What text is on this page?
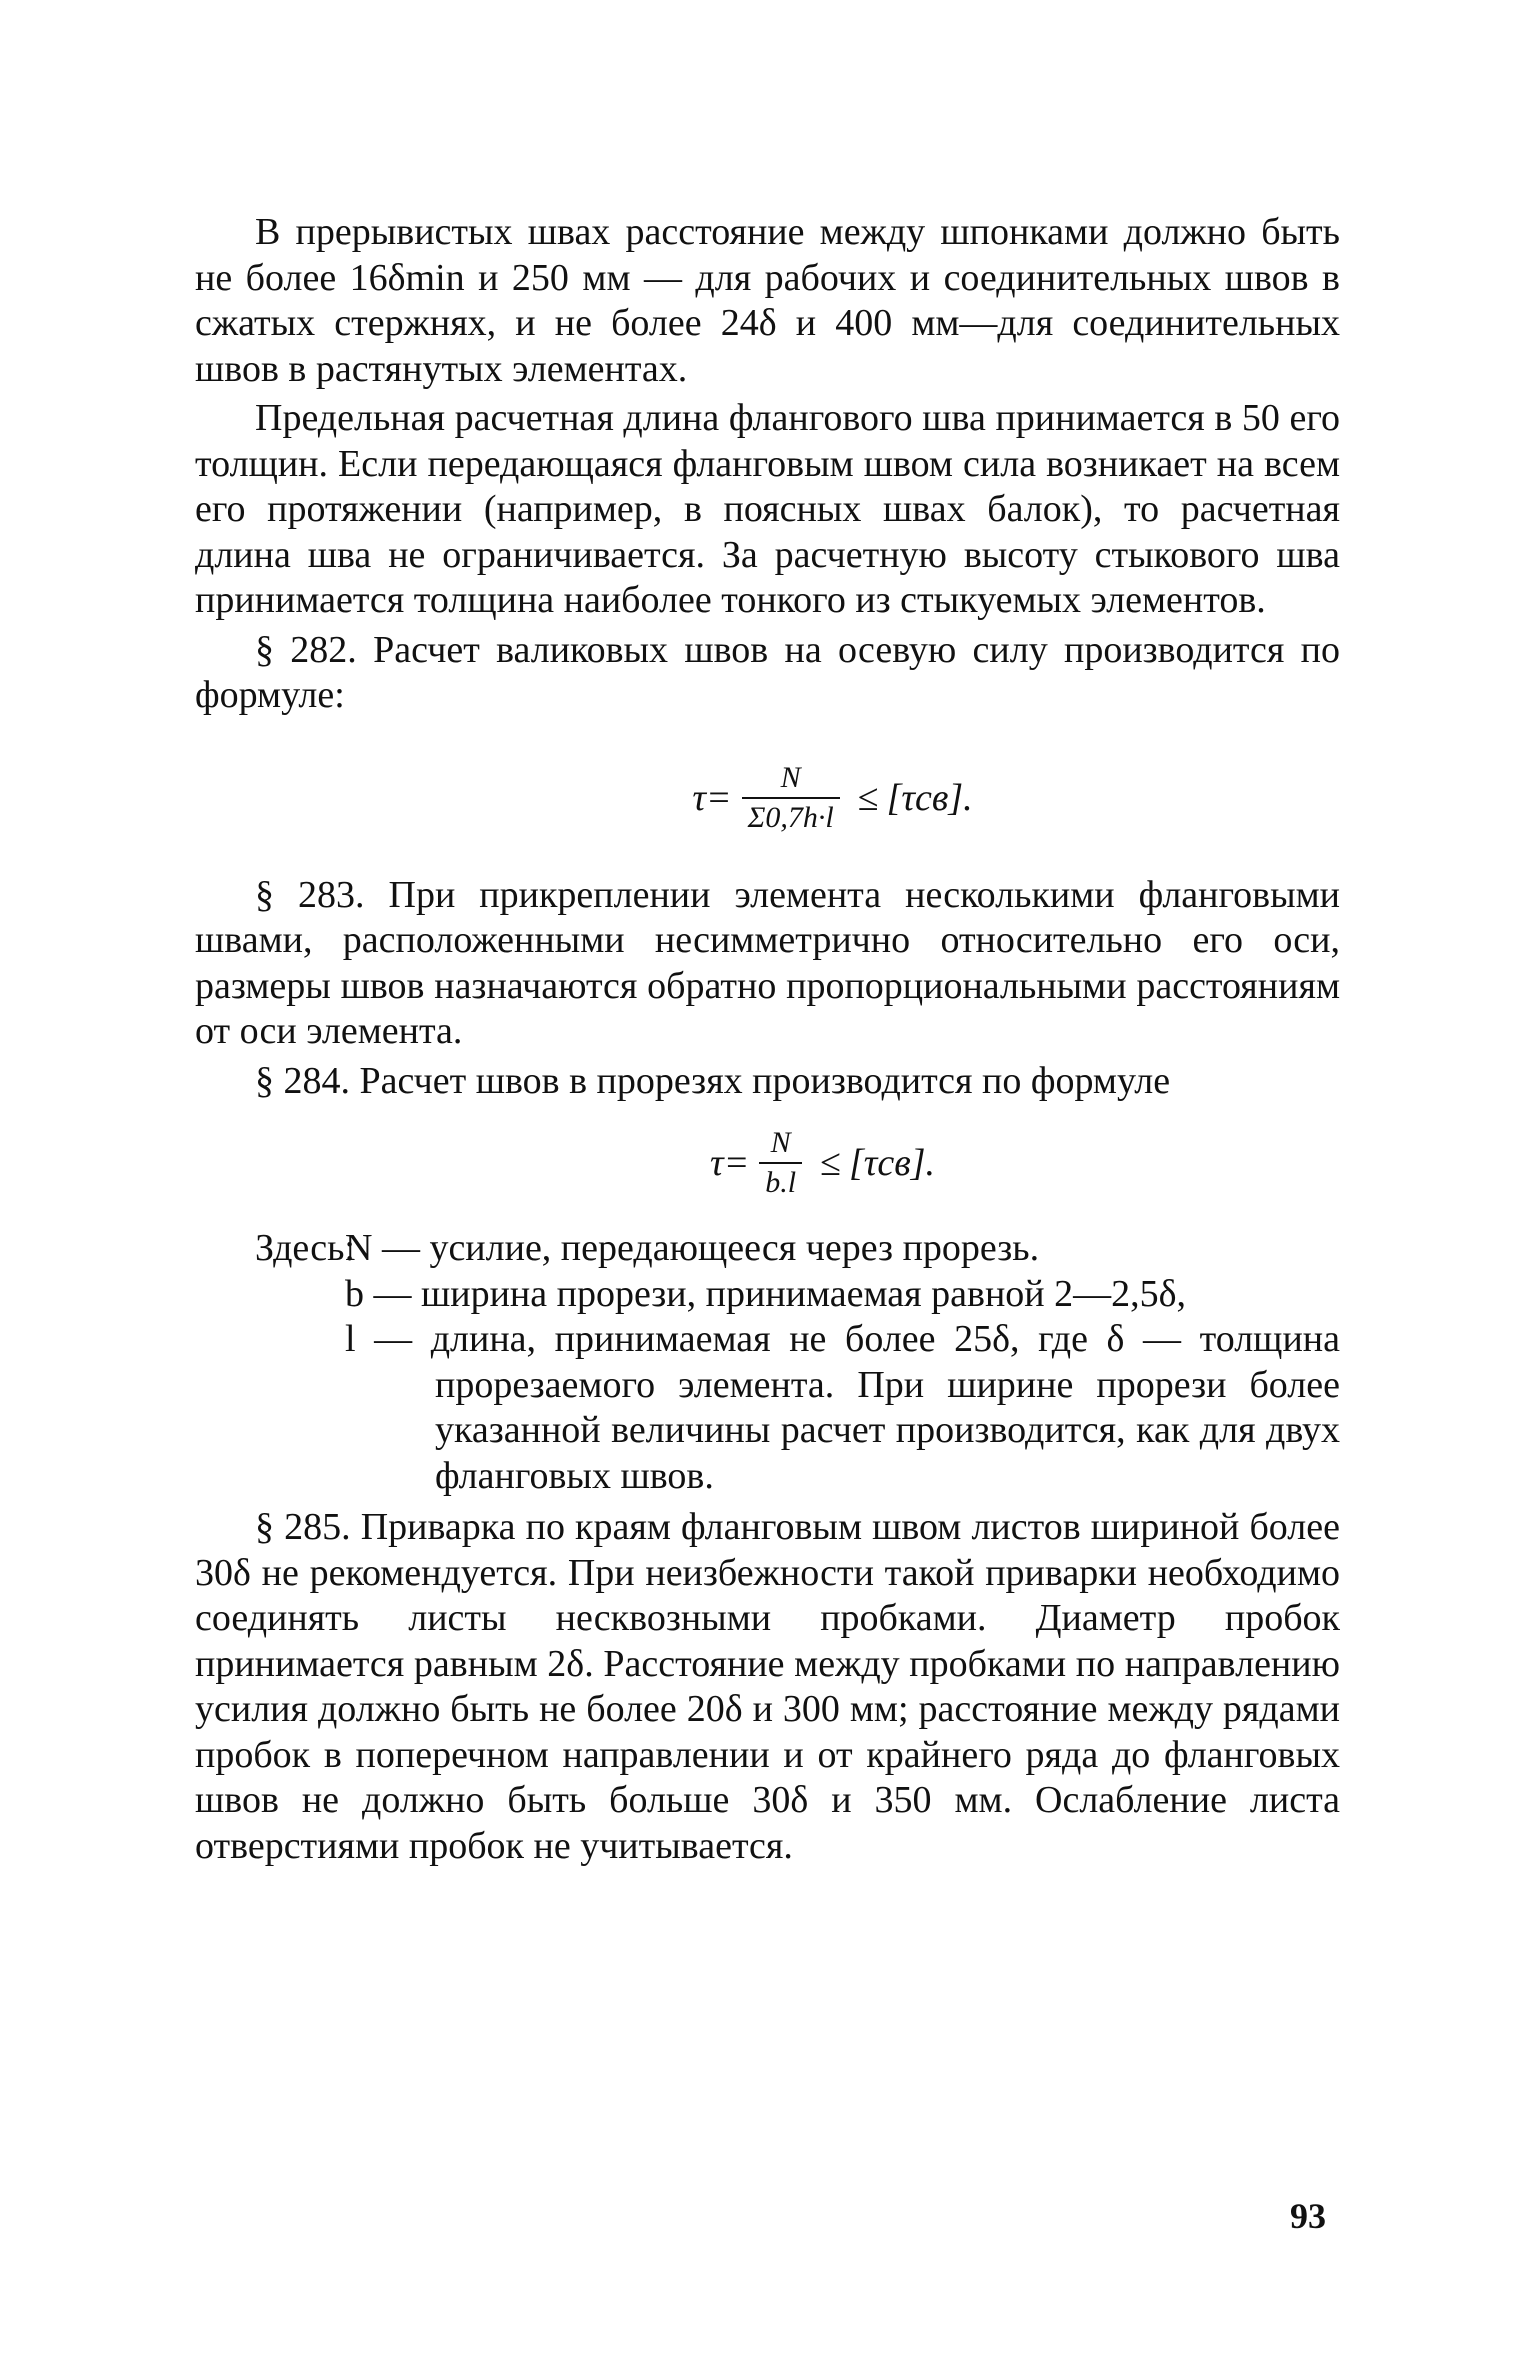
В прерывистых швах расстояние между шпонками должно быть не более 16δmin и 250 мм — для рабочих и соединительных швов в сжатых стержнях, и не более 24δ и 400 мм—для соединительных швов в растянутых элементах.

Предельная расчетная длина флангового шва принимается в 50 его толщин. Если передающаяся фланговым швом сила возникает на всем его протяжении (например, в поясных швах балок), то расчетная длина шва не ограничивается. За расчетную высоту стыкового шва принимается толщина наиболее тонкого из стыкуемых элементов.

§ 282. Расчет валиковых швов на осевую силу производится по формуле:

$\tau= \frac{N}{\Sigma 0,7h\cdot l} \le [\tau св]$.

§ 283. При прикреплении элемента несколькими фланговыми швами, расположенными несимметрично относительно его оси, размеры швов назначаются обратно пропорциональными расстояниям от оси элемента.

§ 284. Расчет швов в прорезях производится по формуле

$\tau= \frac{N}{b.l} \le [\tau св]$.
Здесь:
N — усилие, передающееся через прорезь.
b — ширина прорези, принимаемая равной 2—2,5δ,
l — длина, принимаемая не более 25δ, где δ — толщина прорезаемого элемента. При ширине прорези более указанной величины расчет производится, как для двух фланговых швов.

§ 285. Приварка по краям фланговым швом листов шириной более 30δ не рекомендуется. При неизбежности такой приварки необходимо соединять листы несквозными пробками. Диаметр пробок принимается равным 2δ. Расстояние между пробками по направлению усилия должно быть не более 20δ и 300 мм; расстояние между рядами пробок в поперечном направлении и от крайнего ряда до фланговых швов не должно быть больше 30δ и 350 мм. Ослабление листа отверстиями пробок не учитывается.

93
